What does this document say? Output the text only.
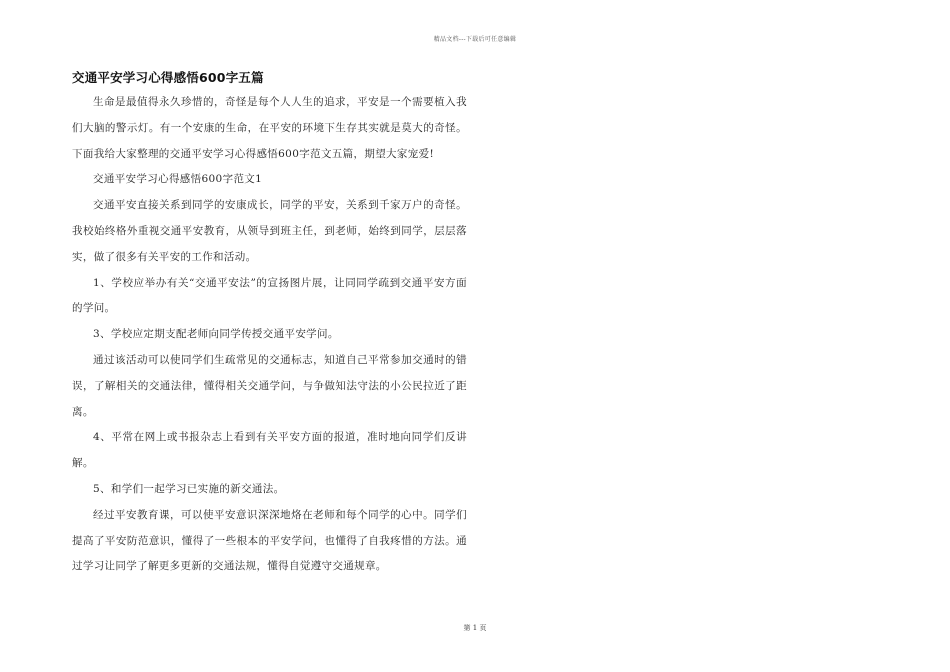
精品文档---下载后可任意编辑
交通平安学习心得感悟600字五篇

生命是最值得永久珍惜的，奇怪是每个人人生的追求，平安是一个需要植入我们大脑的警示灯。有一个安康的生命，在平安的环境下生存其实就是莫大的奇怪。下面我给大家整理的交通平安学习心得感悟600字范文五篇，期望大家宠爱!

交通平安学习心得感悟600字范文1

交通平安直接关系到同学的安康成长，同学的平安，关系到千家万户的奇怪。我校始终格外重视交通平安教育，从领导到班主任，到老师，始终到同学，层层落实，做了很多有关平安的工作和活动。

1、学校应举办有关“交通平安法”的宣扬图片展，让同同学疏到交通平安方面的学问。

3、学校应定期支配老师向同学传授交通平安学问。

通过该活动可以使同学们生疏常见的交通标志，知道自己平常参加交通时的错误，了解相关的交通法律，懂得相关交通学问，与争做知法守法的小公民拉近了距离。

4、平常在网上或书报杂志上看到有关平安方面的报道，准时地向同学们反讲解。

5、和学们一起学习已实施的新交通法。

经过平安教育课，可以使平安意识深深地烙在老师和每个同学的心中。同学们提高了平安防范意识，懂得了一些根本的平安学问，也懂得了自我疼惜的方法。通过学习让同学了解更多更新的交通法规，懂得自觉遵守交通规章。

第 1 页
